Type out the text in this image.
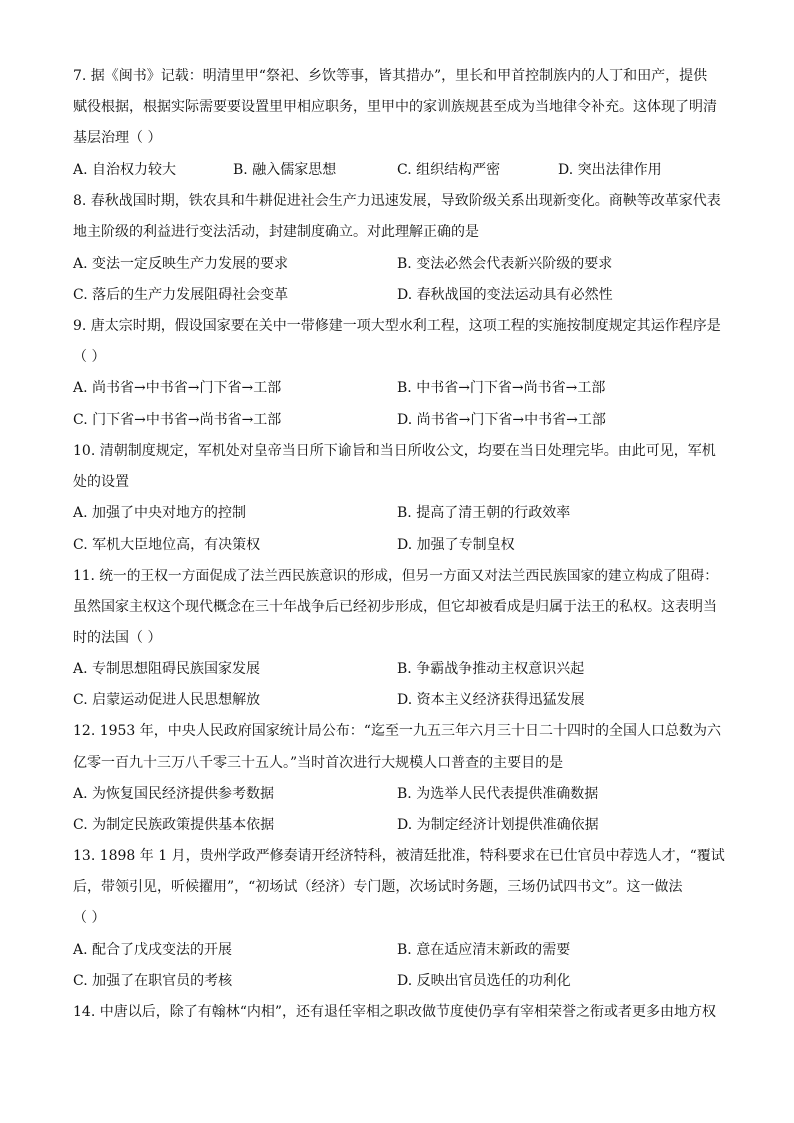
7. 据《闽书》记载：明清里甲“祭祀、乡饮等事，皆其措办”，里长和甲首控制族内的人丁和田产，提供
赋役根据，根据实际需要要设置里甲相应职务，里甲中的家训族规甚至成为当地律令补充。这体现了明清
基层治理（ ）
A. 自治权力较大	B. 融入儒家思想	C. 组织结构严密	D. 突出法律作用
8. 春秋战国时期，铁农具和牛耕促进社会生产力迅速发展，导致阶级关系出现新变化。商鞅等改革家代表
地主阶级的利益进行变法活动，封建制度确立。对此理解正确的是
A. 变法一定反映生产力发展的要求	B. 变法必然会代表新兴阶级的要求
C. 落后的生产力发展阻碍社会变革	D. 春秋战国的变法运动具有必然性
9. 唐太宗时期，假设国家要在关中一带修建一项大型水利工程，这项工程的实施按制度规定其运作程序是
（ ）
A. 尚书省→中书省→门下省→工部	B. 中书省→门下省→尚书省→工部
C. 门下省→中书省→尚书省→工部	D. 尚书省→门下省→中书省→工部
10. 清朝制度规定，军机处对皇帝当日所下谕旨和当日所收公文，均要在当日处理完毕。由此可见，军机
处的设置
A. 加强了中央对地方的控制	B. 提高了清王朝的行政效率
C. 军机大臣地位高，有决策权	D. 加强了专制皇权
11. 统一的王权一方面促成了法兰西民族意识的形成，但另一方面又对法兰西民族国家的建立构成了阻碍：
虽然国家主权这个现代概念在三十年战争后已经初步形成，但它却被看成是归属于法王的私权。这表明当
时的法国（ ）
A. 专制思想阻碍民族国家发展	B. 争霸战争推动主权意识兴起
C. 启蒙运动促进人民思想解放	D. 资本主义经济获得迅猛发展
12. 1953 年，中央人民政府国家统计局公布：“迄至一九五三年六月三十日二十四时的全国人口总数为六
亿零一百九十三万八千零三十五人。”当时首次进行大规模人口普查的主要目的是
A. 为恢复国民经济提供参考数据	B. 为选举人民代表提供准确数据
C. 为制定民族政策提供基本依据	D. 为制定经济计划提供准确依据
13. 1898 年 1 月，贵州学政严修奏请开经济特科，被清廷批准，特科要求在已仕官员中荐选人才，“覆试
后，带领引见，听候擢用”，“初场试（经济）专门题，次场试时务题，三场仍试四书文”。这一做法
（ ）
A. 配合了戊戌变法的开展	B. 意在适应清末新政的需要
C. 加强了在职官员的考核	D. 反映出官员选任的功利化
14. 中唐以后，除了有翰林“内相”，还有退任宰相之职改做节度使仍享有宰相荣誉之衔或者更多由地方权
